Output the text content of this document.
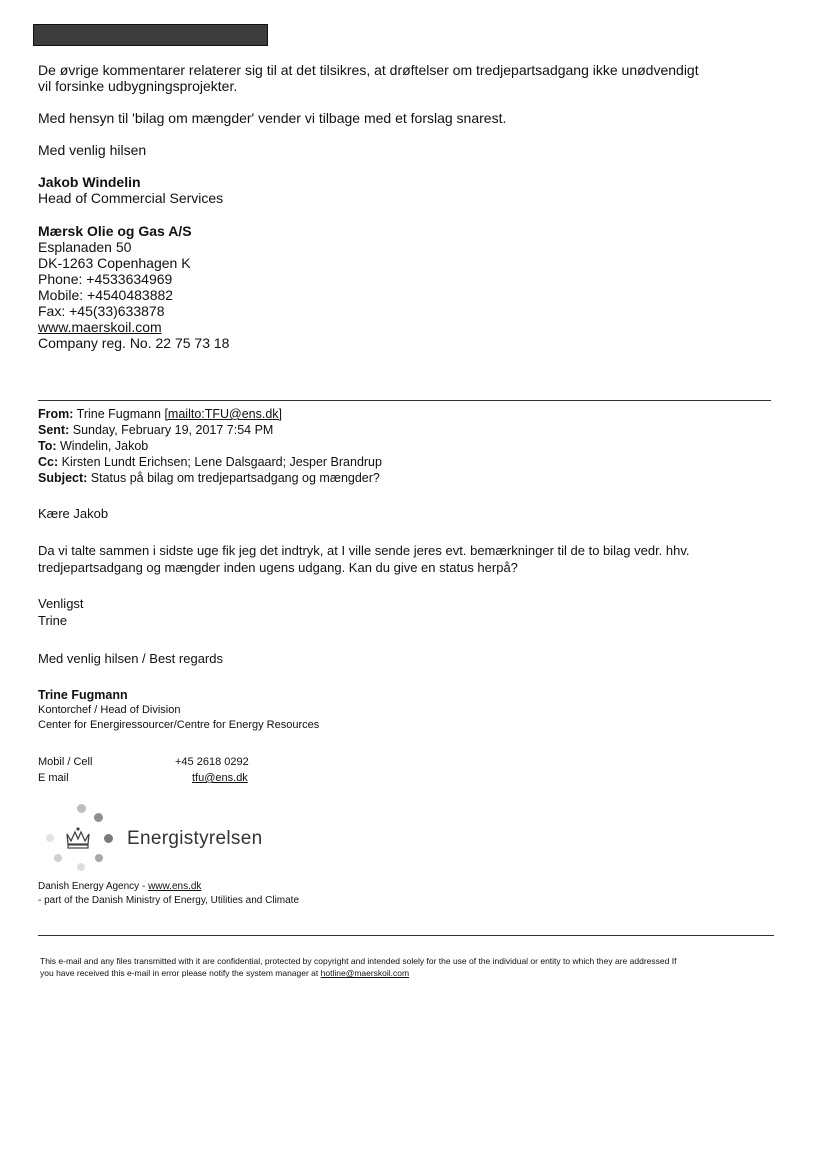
De øvrige kommentarer relaterer sig til at det tilsikres, at drøftelser om tredjepartsadgang ikke unødvendigt
vil forsinke udbygningsprojekter.
Med hensyn til 'bilag om mængder' vender vi tilbage med et forslag snarest.
Med venlig hilsen
Jakob Windelin
Head of Commercial Services
Mærsk Olie og Gas A/S
Esplanaden 50
DK-1263 Copenhagen K
Phone: +4533634969
Mobile: +4540483882
Fax: +45(33)633878
www.maerskoil.com
Company reg. No. 22 75 73 18
From: Trine Fugmann [mailto:TFU@ens.dk]
Sent: Sunday, February 19, 2017 7:54 PM
To: Windelin, Jakob
Cc: Kirsten Lundt Erichsen; Lene Dalsgaard; Jesper Brandrup
Subject: Status på bilag om tredjepartsadgang og mængder?
Kære Jakob
Da vi talte sammen i sidste uge fik jeg det indtryk, at I ville sende jeres evt. bemærkninger til de to bilag vedr. hhv.
tredjepartsadgang og mængder inden ugens udgang. Kan du give en status herpå?
Venligst
Trine
Med venlig hilsen / Best regards
Trine Fugmann
Kontorchef / Head of Division
Center for Energiressourcer/Centre for Energy Resources
Mobil / Cell	+45 2618 0292
E mail	tfu@ens.dk
Energistyrelsen
Danish Energy Agency - www.ens.dk
- part of the Danish Ministry of Energy, Utilities and Climate
This e-mail and any files transmitted with it are confidential, protected by copyright and intended solely for the use of the individual or entity to which they are addressed If
you have received this e-mail in error please notify the system manager at hotline@maerskoil.com
